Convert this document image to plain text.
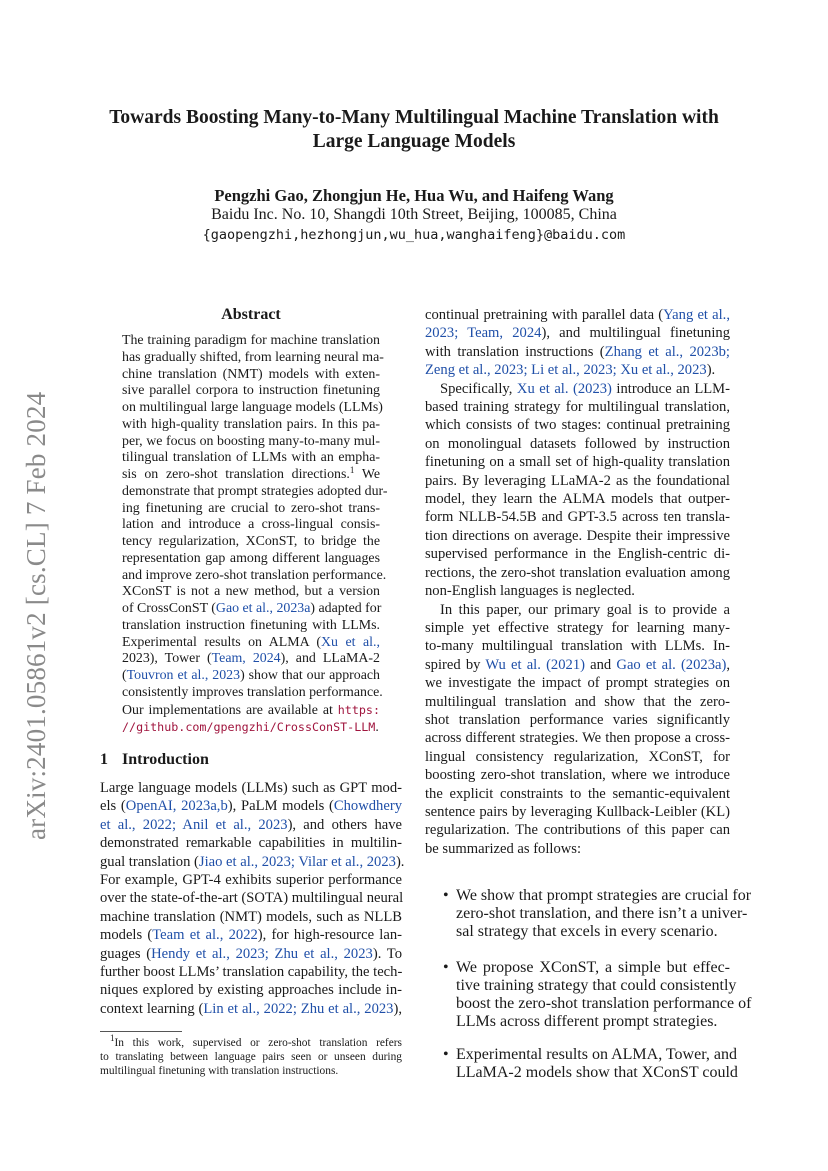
arXiv:2401.05861v2 [cs.CL] 7 Feb 2024
Towards Boosting Many-to-Many Multilingual Machine Translation with
Large Language Models
Pengzhi Gao, Zhongjun He, Hua Wu, and Haifeng Wang
Baidu Inc. No. 10, Shangdi 10th Street, Beijing, 100085, China
{gaopengzhi,hezhongjun,wu_hua,wanghaifeng}@baidu.com
Abstract
The training paradigm for machine translation
has gradually shifted, from learning neural ma-
chine translation (NMT) models with exten-
sive parallel corpora to instruction finetuning
on multilingual large language models (LLMs)
with high-quality translation pairs. In this pa-
per, we focus on boosting many-to-many mul-
tilingual translation of LLMs with an empha-
sis on zero-shot translation directions.$^1$ We
demonstrate that prompt strategies adopted dur-
ing finetuning are crucial to zero-shot trans-
lation and introduce a cross-lingual consis-
tency regularization, XConST, to bridge the
representation gap among different languages
and improve zero-shot translation performance.
XConST is not a new method, but a version
of CrossConST (Gao et al., 2023a) adapted for
translation instruction finetuning with LLMs.
Experimental results on ALMA (Xu et al.,
2023), Tower (Team, 2024), and LLaMA-2
(Touvron et al., 2023) show that our approach
consistently improves translation performance.
Our implementations are available at https:
//github.com/gpengzhi/CrossConST-LLM.
1 Introduction
Large language models (LLMs) such as GPT mod-
els (OpenAI, 2023a,b), PaLM models (Chowdhery
et al., 2022; Anil et al., 2023), and others have
demonstrated remarkable capabilities in multilin-
gual translation (Jiao et al., 2023; Vilar et al., 2023).
For example, GPT-4 exhibits superior performance
over the state-of-the-art (SOTA) multilingual neural
machine translation (NMT) models, such as NLLB
models (Team et al., 2022), for high-resource lan-
guages (Hendy et al., 2023; Zhu et al., 2023). To
further boost LLMs’ translation capability, the tech-
niques explored by existing approaches include in-
context learning (Lin et al., 2022; Zhu et al., 2023),
continual pretraining with parallel data (Yang et al.,
2023; Team, 2024), and multilingual finetuning
with translation instructions (Zhang et al., 2023b;
Zeng et al., 2023; Li et al., 2023; Xu et al., 2023).
Specifically, Xu et al. (2023) introduce an LLM-
based training strategy for multilingual translation,
which consists of two stages: continual pretraining
on monolingual datasets followed by instruction
finetuning on a small set of high-quality translation
pairs. By leveraging LLaMA-2 as the foundational
model, they learn the ALMA models that outper-
form NLLB-54.5B and GPT-3.5 across ten transla-
tion directions on average. Despite their impressive
supervised performance in the English-centric di-
rections, the zero-shot translation evaluation among
non-English languages is neglected.
In this paper, our primary goal is to provide a
simple yet effective strategy for learning many-
to-many multilingual translation with LLMs. In-
spired by Wu et al. (2021) and Gao et al. (2023a),
we investigate the impact of prompt strategies on
multilingual translation and show that the zero-
shot translation performance varies significantly
across different strategies. We then propose a cross-
lingual consistency regularization, XConST, for
boosting zero-shot translation, where we introduce
the explicit constraints to the semantic-equivalent
sentence pairs by leveraging Kullback-Leibler (KL)
regularization. The contributions of this paper can
be summarized as follows:
• We show that prompt strategies are crucial for
zero-shot translation, and there isn’t a univer-
sal strategy that excels in every scenario.
• We propose XConST, a simple but effec-
tive training strategy that could consistently
boost the zero-shot translation performance of
LLMs across different prompt strategies.
• Experimental results on ALMA, Tower, and
LLaMA-2 models show that XConST could
$^1$In this work, supervised or zero-shot translation refers
to translating between language pairs seen or unseen during
multilingual finetuning with translation instructions.
